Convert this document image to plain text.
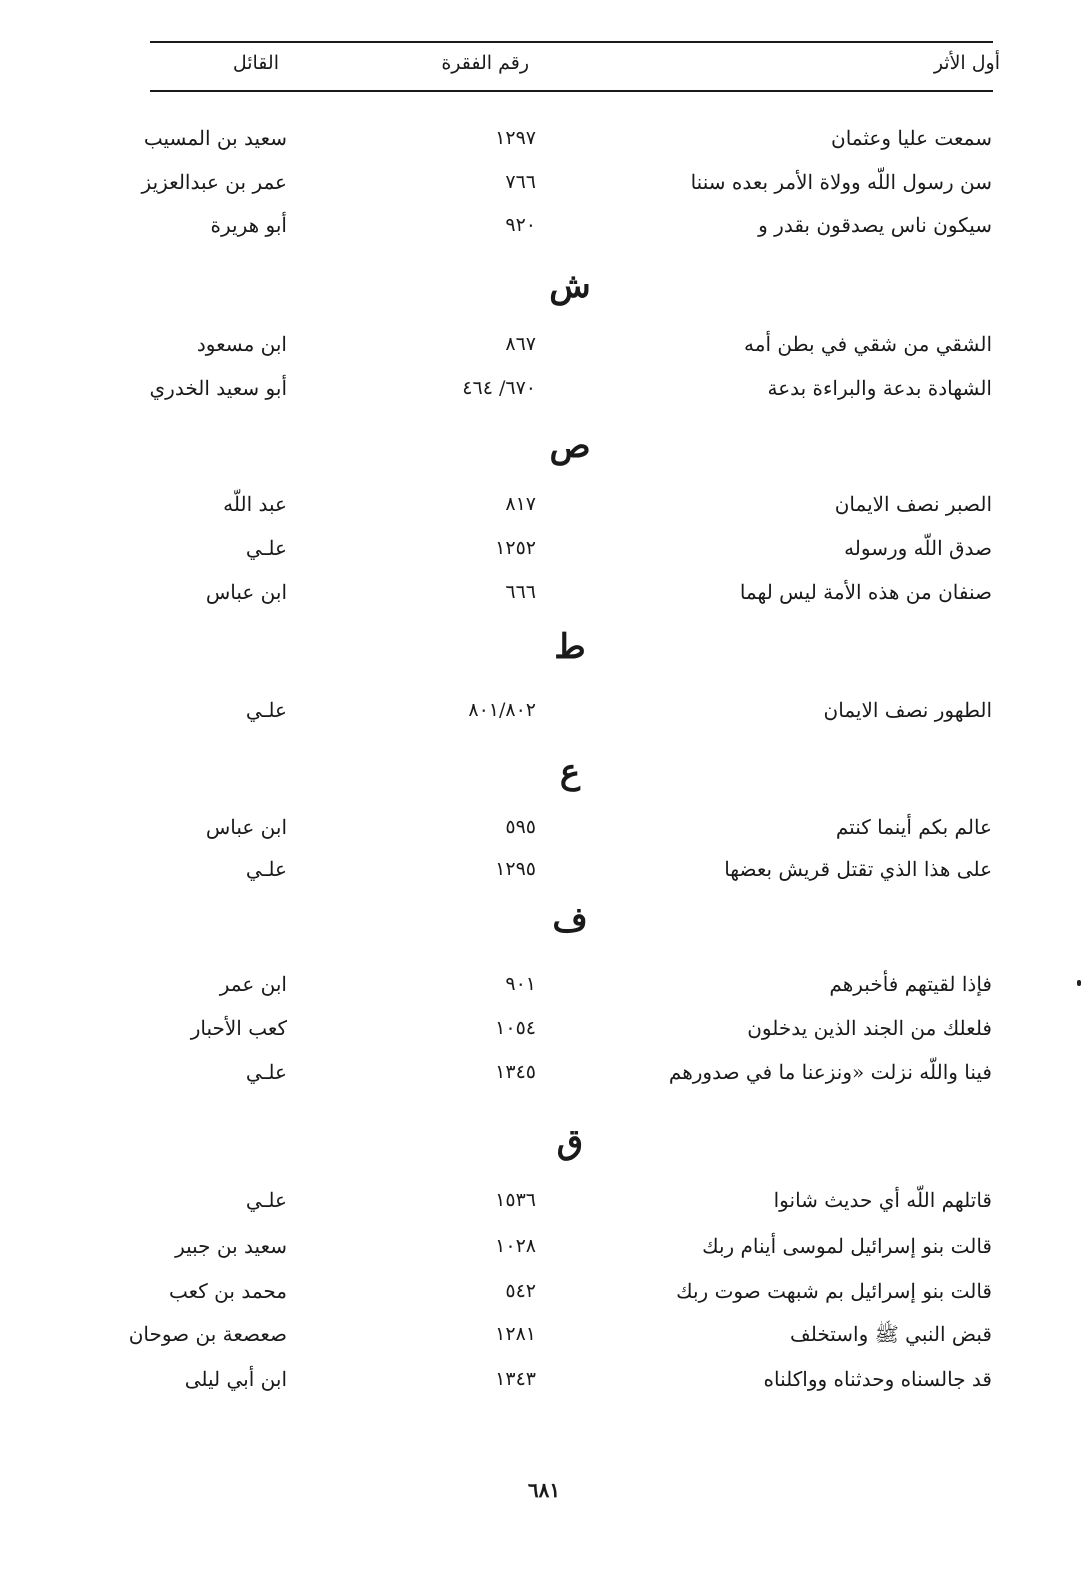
أول الأثر
رقم الفقرة
القائل
سمعت عليا وعثمان
١٢٩٧
سعيد بن المسيب
سن رسول اللّه وولاة الأمر بعده سننا
٧٦٦
عمر بن عبدالعزيز
سيكون ناس يصدقون بقدر و
٩٢٠
أبو هريرة
ش
الشقي من شقي في بطن أمه
٨٦٧
ابن مسعود
الشهادة بدعة والبراءة بدعة
٦٧٠/ ٤٦٤
أبو سعيد الخدري
ص
الصبر نصف الايمان
٨١٧
عبد اللّه
صدق اللّه ورسوله
١٢٥٢
علـي
صنفان من هذه الأمة ليس لهما
٦٦٦
ابن عباس
ط
الطهور نصف الايمان
٨٠١/٨٠٢
علـي
ع
عالم بكم أينما كنتم
٥٩٥
ابن عباس
على هذا الذي تقتل قريش بعضها
١٢٩٥
علـي
ف
فإذا لقيتهم فأخبرهم
٩٠١
ابن عمر
فلعلك من الجند الذين يدخلون
١٠٥٤
كعب الأحبار
فينا واللّه نزلت «ونزعنا ما في صدورهم
١٣٤٥
علـي
ق
قاتلهم اللّه أي حديث شانوا
١٥٣٦
علـي
قالت بنو إسرائيل لموسى أينام ربك
١٠٢٨
سعيد بن جبير
قالت بنو إسرائيل بم شبهت صوت ربك
٥٤٢
محمد بن كعب
قبض النبي ﷺ واستخلف
١٢٨١
صعصعة بن صوحان
قد جالسناه وحدثناه وواكلناه
١٣٤٣
ابن أبي ليلى
٦٨١
